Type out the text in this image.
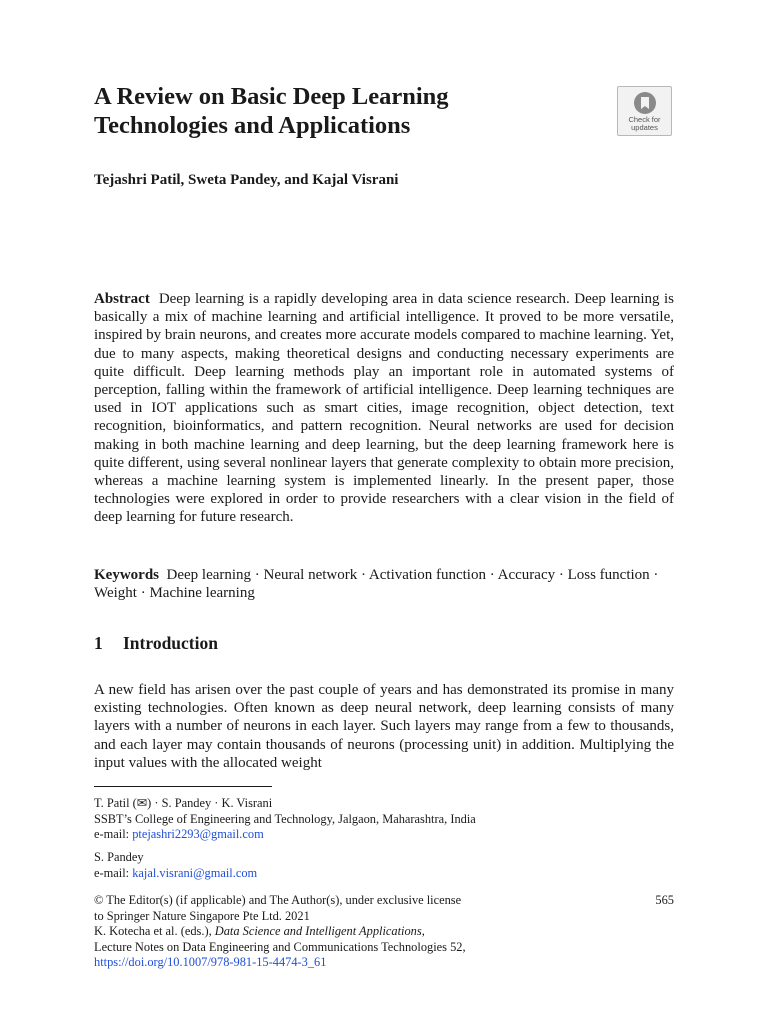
A Review on Basic Deep Learning
Technologies and Applications	Check for
updates
Tejashri Patil, Sweta Pandey, and Kajal Visrani

Abstract Deep learning is a rapidly developing area in data science research. Deep learning is basically a mix of machine learning and artificial intelligence. It proved to be more versatile, inspired by brain neurons, and creates more accurate models compared to machine learning. Yet, due to many aspects, making theoretical designs and conducting necessary experiments are quite difficult. Deep learning methods play an important role in automated systems of perception, falling within the framework of artificial intelligence. Deep learning techniques are used in IOT applications such as smart cities, image recognition, object detection, text recognition, bioinformatics, and pattern recognition. Neural networks are used for decision making in both machine learning and deep learning, but the deep learning framework here is quite different, using several nonlinear layers that generate complexity to obtain more precision, whereas a machine learning system is implemented linearly. In the present paper, those technologies were explored in order to provide researchers with a clear vision in the field of deep learning for future research.

Keywords Deep learning · Neural network · Activation function · Accuracy · Loss function · Weight · Machine learning

1 Introduction

A new field has arisen over the past couple of years and has demonstrated its promise in many existing technologies. Often known as deep neural network, deep learning consists of many layers with a number of neurons in each layer. Such layers may range from a few to thousands, and each layer may contain thousands of neurons (processing unit) in addition. Multiplying the input values with the allocated weight

T. Patil (✉) · S. Pandey · K. Visrani
SSBT’s College of Engineering and Technology, Jalgaon, Maharashtra, India
e-mail: ptejashri2293@gmail.com

S. Pandey
e-mail: kajal.visrani@gmail.com

565
© The Editor(s) (if applicable) and The Author(s), under exclusive license
to Springer Nature Singapore Pte Ltd. 2021
K. Kotecha et al. (eds.), Data Science and Intelligent Applications,
Lecture Notes on Data Engineering and Communications Technologies 52,
https://doi.org/10.1007/978-981-15-4474-3_61
